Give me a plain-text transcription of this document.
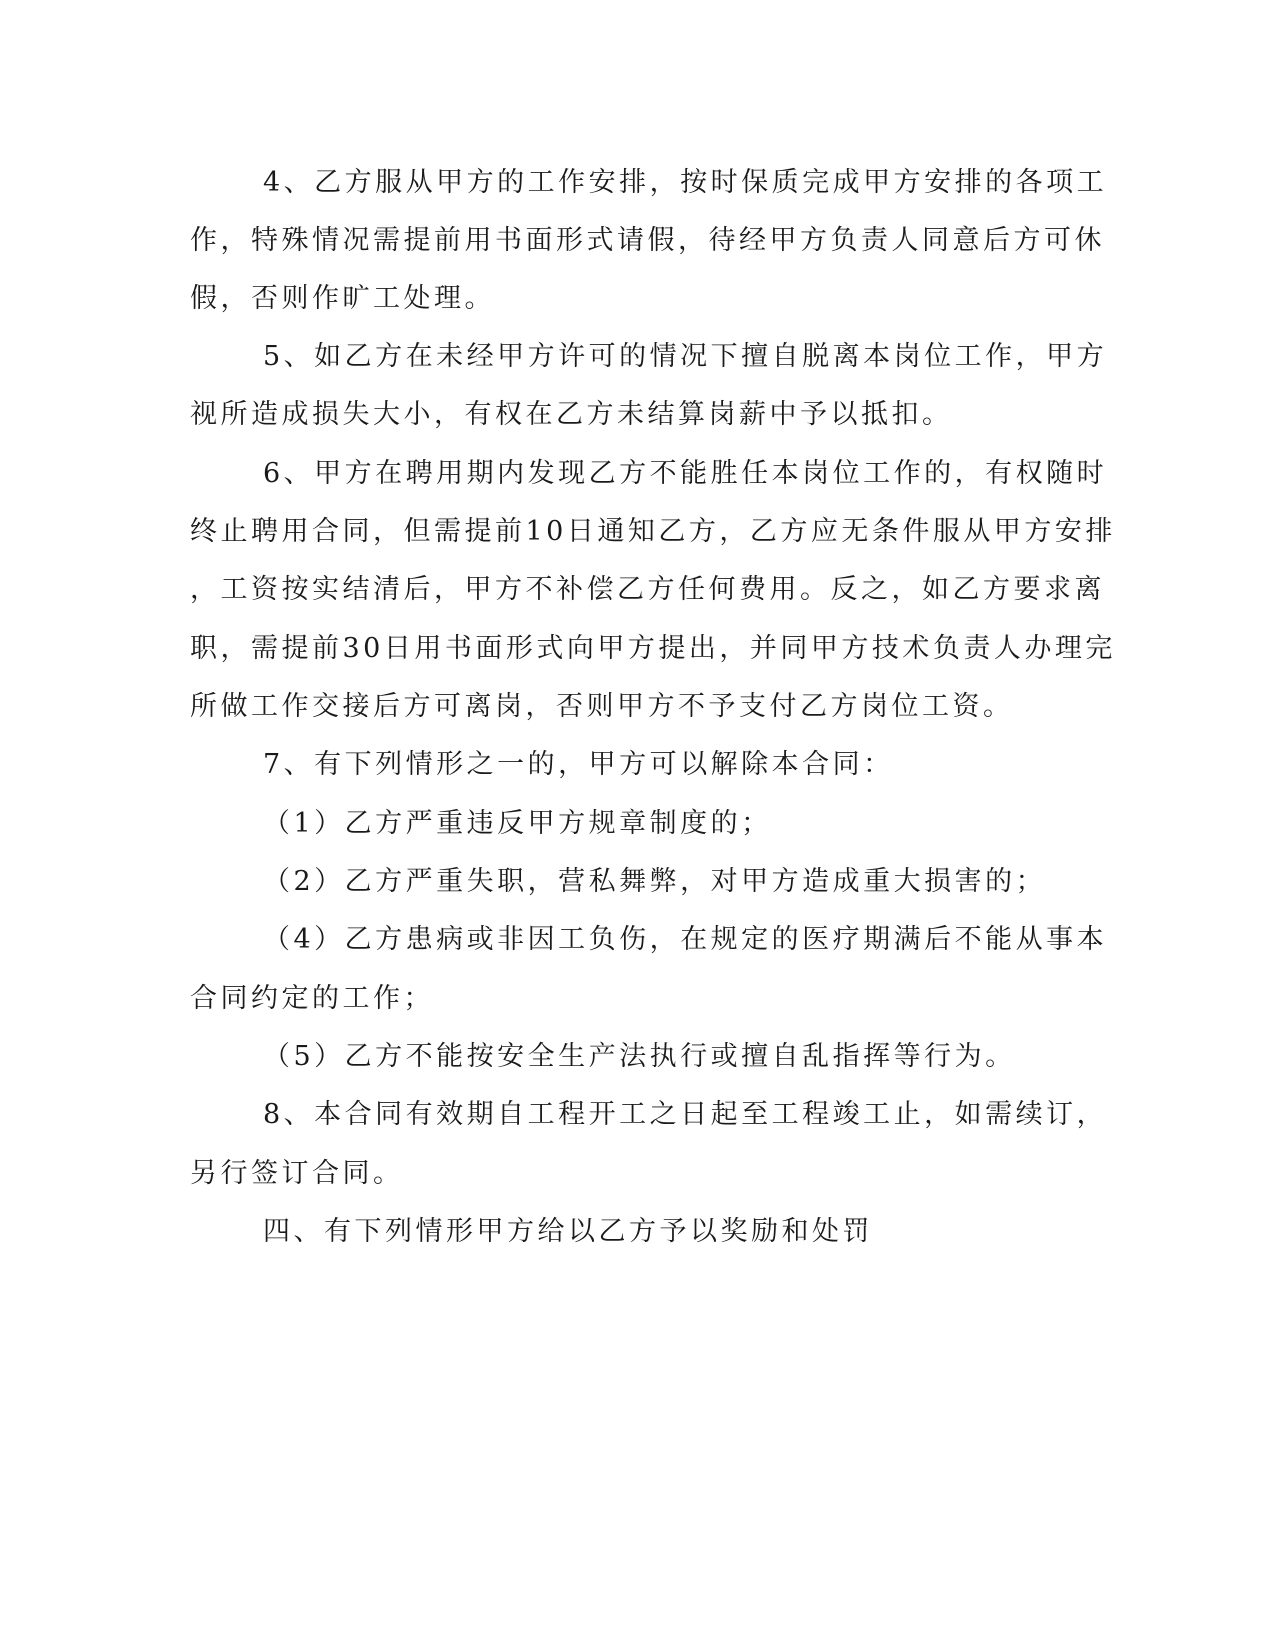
4、乙方服从甲方的工作安排，按时保质完成甲方安排的各项工
作，特殊情况需提前用书面形式请假，待经甲方负责人同意后方可休
假，否则作旷工处理。
5、如乙方在未经甲方许可的情况下擅自脱离本岗位工作，甲方
视所造成损失大小，有权在乙方未结算岗薪中予以抵扣。
6、甲方在聘用期内发现乙方不能胜任本岗位工作的，有权随时
终止聘用合同，但需提前10日通知乙方，乙方应无条件服从甲方安排
，工资按实结清后，甲方不补偿乙方任何费用。反之，如乙方要求离
职，需提前30日用书面形式向甲方提出，并同甲方技术负责人办理完
所做工作交接后方可离岗，否则甲方不予支付乙方岗位工资。
7、有下列情形之一的，甲方可以解除本合同：
（1）乙方严重违反甲方规章制度的；
（2）乙方严重失职，营私舞弊，对甲方造成重大损害的；
（4）乙方患病或非因工负伤，在规定的医疗期满后不能从事本
合同约定的工作；
（5）乙方不能按安全生产法执行或擅自乱指挥等行为。
8、本合同有效期自工程开工之日起至工程竣工止，如需续订，
另行签订合同。
四、有下列情形甲方给以乙方予以奖励和处罚
